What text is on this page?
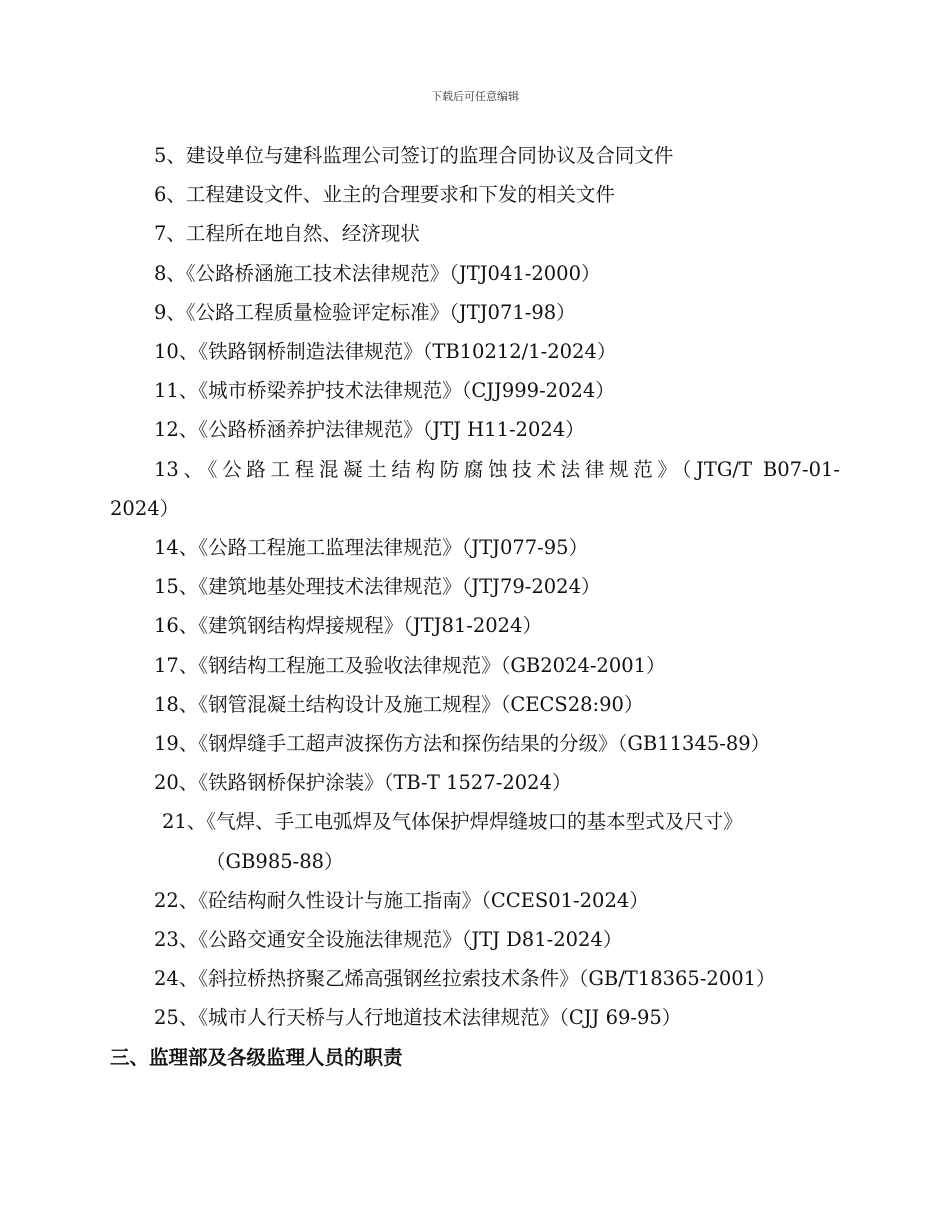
下载后可任意编辑
5、建设单位与建科监理公司签订的监理合同协议及合同文件
6、工程建设文件、业主的合理要求和下发的相关文件
7、工程所在地自然、经济现状
8、《公路桥涵施工技术法律规范》（JTJ041-2000）
9、《公路工程质量检验评定标准》（JTJ071-98）
10、《铁路钢桥制造法律规范》（TB10212/1-2024）
11、《城市桥梁养护技术法律规范》（CJJ999-2024）
12、《公路桥涵养护法律规范》（JTJ H11-2024）
13、《公路工程混凝土结构防腐蚀技术法律规范》（JTG/T B07-01-
2024）
14、《公路工程施工监理法律规范》（JTJ077-95）
15、《建筑地基处理技术法律规范》（JTJ79-2024）
16、《建筑钢结构焊接规程》（JTJ81-2024）
17、《钢结构工程施工及验收法律规范》（GB2024-2001）
18、《钢管混凝土结构设计及施工规程》（CECS28:90）
19、《钢焊缝手工超声波探伤方法和探伤结果的分级》（GB11345-89）
20、《铁路钢桥保护涂装》（TB-T 1527-2024）
21、《气焊、手工电弧焊及气体保护焊焊缝坡口的基本型式及尺寸》
（GB985-88）
22、《砼结构耐久性设计与施工指南》（CCES01-2024）
23、《公路交通安全设施法律规范》（JTJ D81-2024）
24、《斜拉桥热挤聚乙烯高强钢丝拉索技术条件》（GB/T18365-2001）
25、《城市人行天桥与人行地道技术法律规范》（CJJ 69-95）
三、监理部及各级监理人员的职责
